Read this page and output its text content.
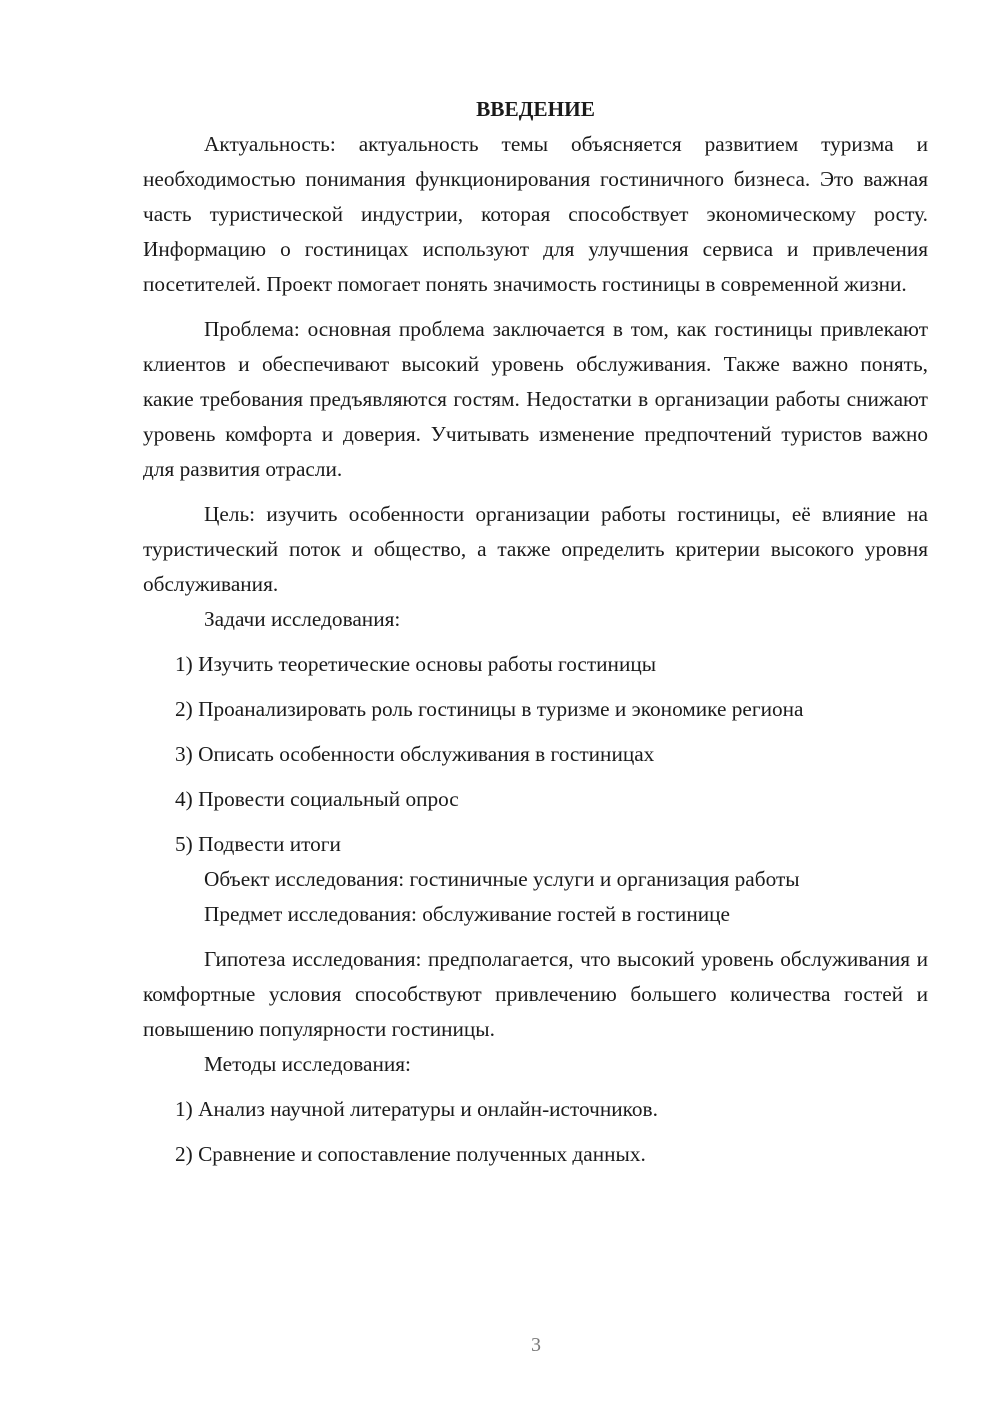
ВВЕДЕНИЕ

Актуальность: актуальность темы объясняется развитием туризма и необходимостью понимания функционирования гостиничного бизнеса. Это важная часть туристической индустрии, которая способствует экономическому росту. Информацию о гостиницах используют для улучшения сервиса и привлечения посетителей. Проект помогает понять значимость гостиницы в современной жизни.

Проблема: основная проблема заключается в том, как гостиницы привлекают клиентов и обеспечивают высокий уровень обслуживания. Также важно понять, какие требования предъявляются гостям. Недостатки в организации работы снижают уровень комфорта и доверия. Учитывать изменение предпочтений туристов важно для развития отрасли.

Цель: изучить особенности организации работы гостиницы, её влияние на туристический поток и общество, а также определить критерии высокого уровня обслуживания.

Задачи исследования:

1) Изучить теоретические основы работы гостиницы

2) Проанализировать роль гостиницы в туризме и экономике региона

3) Описать особенности обслуживания в гостиницах

4) Провести социальный опрос

5) Подвести итоги

Объект исследования: гостиничные услуги и организация работы

Предмет исследования: обслуживание гостей в гостинице

Гипотеза исследования: предполагается, что высокий уровень обслуживания и комфортные условия способствуют привлечению большего количества гостей и повышению популярности гостиницы.

Методы исследования:

1) Анализ научной литературы и онлайн-источников.

2) Сравнение и сопоставление полученных данных.

3
